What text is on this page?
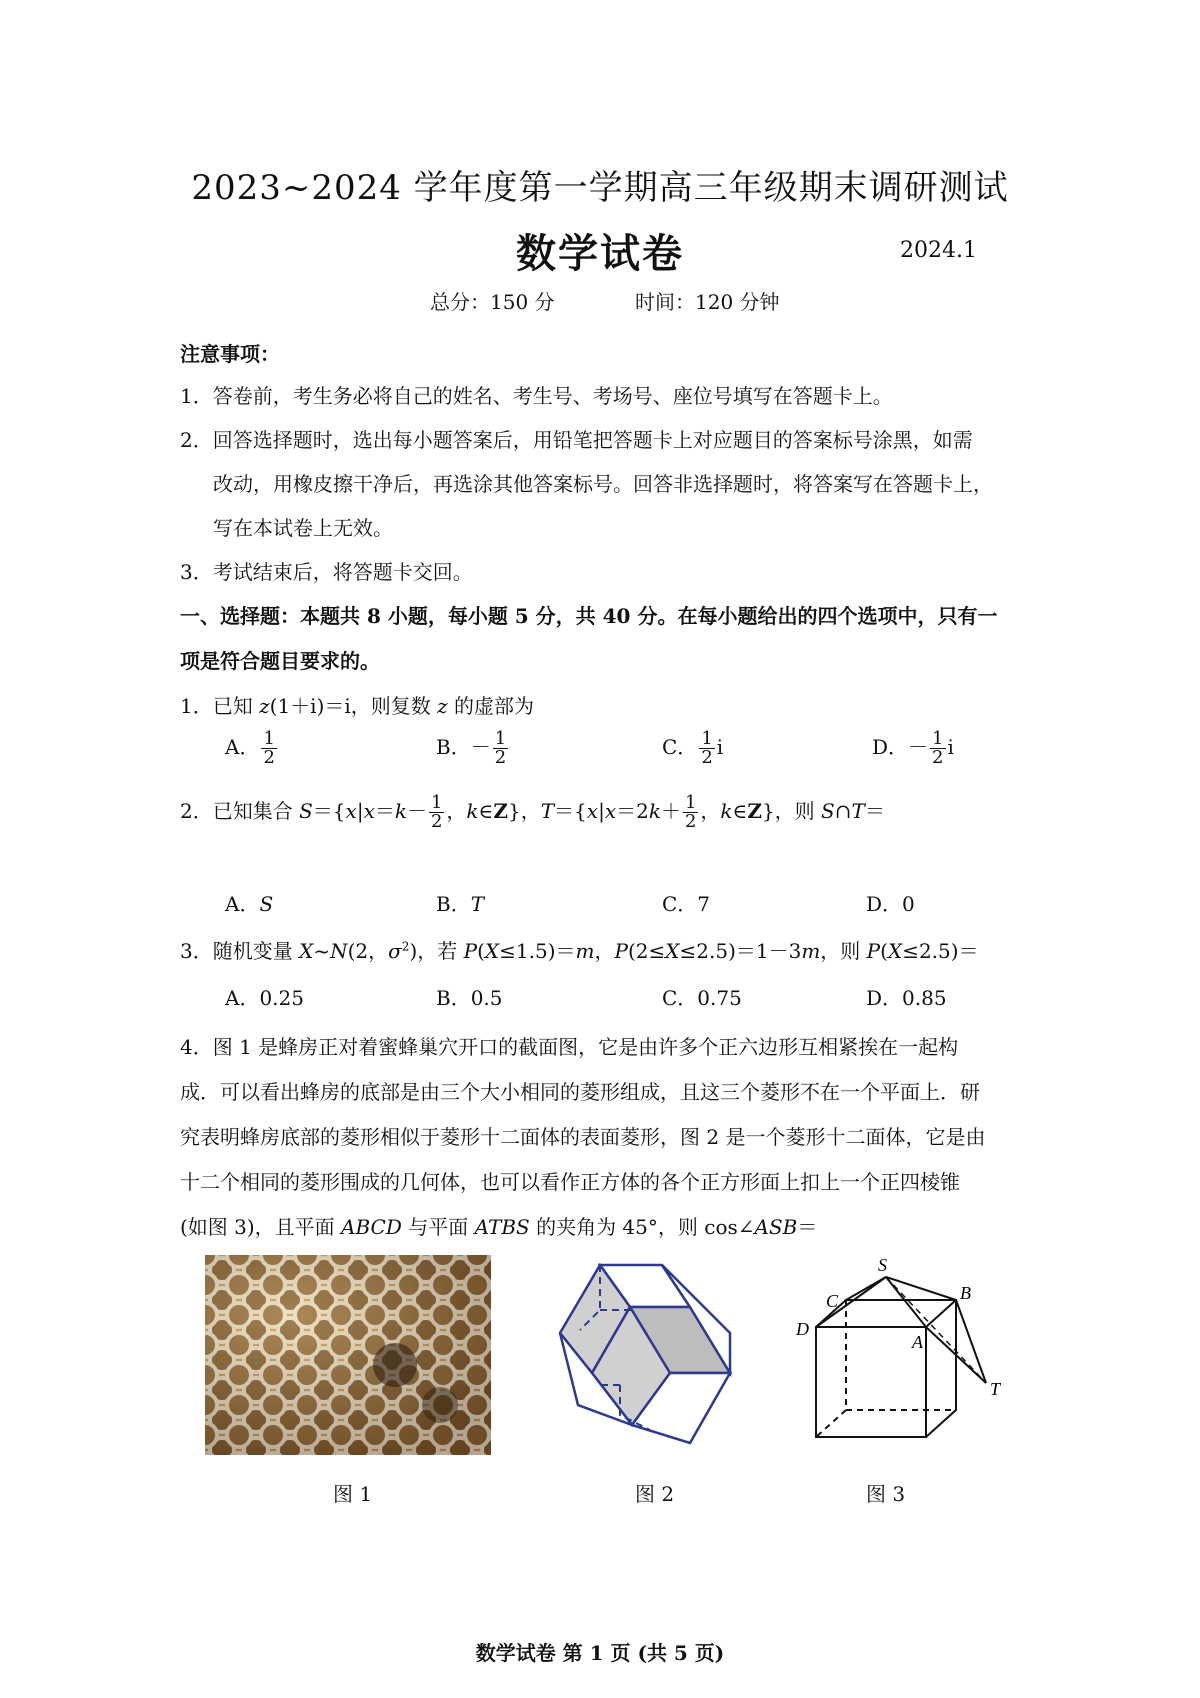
2023~2024 学年度第一学期高三年级期末调研测试
数学试卷	2024.1
总分：150 分	时间：120 分钟
注意事项：
1．答卷前，考生务必将自己的姓名、考生号、考场号、座位号填写在答题卡上。
2．回答选择题时，选出每小题答案后，用铅笔把答题卡上对应题目的答案标号涂黑，如需
改动，用橡皮擦干净后，再选涂其他答案标号。回答非选择题时，将答案写在答题卡上，
写在本试卷上无效。
3．考试结束后，将答题卡交回。
一、选择题：本题共 8 小题，每小题 5 分，共 40 分。在每小题给出的四个选项中，只有一
项是符合题目要求的。
1．已知 z(1＋i)＝i，则复数 z 的虚部为
A． $\frac{1}{2}$	B．－ $\frac{1}{2}$	C． $\frac{1}{2}$ i	D．－ $\frac{1}{2}$ i
2．已知集合 $S=\{x|x=k- \frac{1}{2}$ ，k∈Z}，$T=\{x|x=2k+ \frac{1}{2}$ ，k∈Z}，则 S∩T＝
A．S	B．T	C．7	D．0
3．随机变量 X~N(2，$\sigma^2$)，若 P(X≤1.5)＝m，P(2≤X≤2.5)＝1－3m，则 P(X≤2.5)＝
A．0.25	B．0.5	C．0.75	D．0.85
4．图 1 是蜂房正对着蜜蜂巢穴开口的截面图，它是由许多个正六边形互相紧挨在一起构
成．可以看出蜂房的底部是由三个大小相同的菱形组成，且这三个菱形不在一个平面上．研
究表明蜂房底部的菱形相似于菱形十二面体的表面菱形，图 2 是一个菱形十二面体，它是由
十二个相同的菱形围成的几何体，也可以看作正方体的各个正方形面上扣上一个正四棱锥
(如图 3)，且平面 ABCD 与平面 ATBS 的夹角为 45°，则 cos∠ASB＝
图 1	图 2
S
C	B
D
A
T
图 3
数学试卷 第 1 页 (共 5 页)
